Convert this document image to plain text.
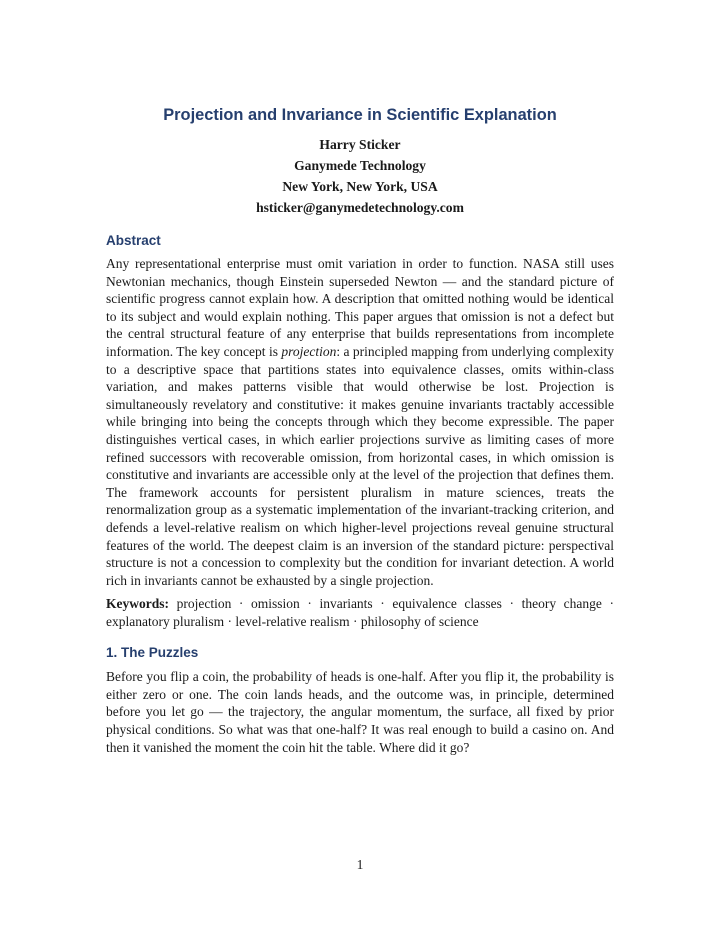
Projection and Invariance in Scientific Explanation
Harry Sticker
Ganymede Technology
New York, New York, USA
hsticker@ganymedetechnology.com
Abstract

Any representational enterprise must omit variation in order to function. NASA still uses Newtonian mechanics, though Einstein superseded Newton — and the standard picture of scientific progress cannot explain how. A description that omitted nothing would be identical to its subject and would explain nothing. This paper argues that omission is not a defect but the central structural feature of any enterprise that builds representations from incomplete information. The key concept is projection: a principled mapping from underlying complexity to a descriptive space that partitions states into equivalence classes, omits within-class variation, and makes patterns visible that would otherwise be lost. Projection is simultaneously revelatory and constitutive: it makes genuine invariants tractably accessible while bringing into being the concepts through which they become expressible. The paper distinguishes vertical cases, in which earlier projections survive as limiting cases of more refined successors with recoverable omission, from horizontal cases, in which omission is constitutive and invariants are accessible only at the level of the projection that defines them. The framework accounts for persistent pluralism in mature sciences, treats the renormalization group as a systematic implementation of the invariant-tracking criterion, and defends a level-relative realism on which higher-level projections reveal genuine structural features of the world. The deepest claim is an inversion of the standard picture: perspectival structure is not a concession to complexity but the condition for invariant detection. A world rich in invariants cannot be exhausted by a single projection.

Keywords: projection · omission · invariants · equivalence classes · theory change · explanatory pluralism · level-relative realism · philosophy of science

1. The Puzzles

Before you flip a coin, the probability of heads is one-half. After you flip it, the probability is either zero or one. The coin lands heads, and the outcome was, in principle, determined before you let go — the trajectory, the angular momentum, the surface, all fixed by prior physical conditions. So what was that one-half? It was real enough to build a casino on. And then it vanished the moment the coin hit the table. Where did it go?

1
